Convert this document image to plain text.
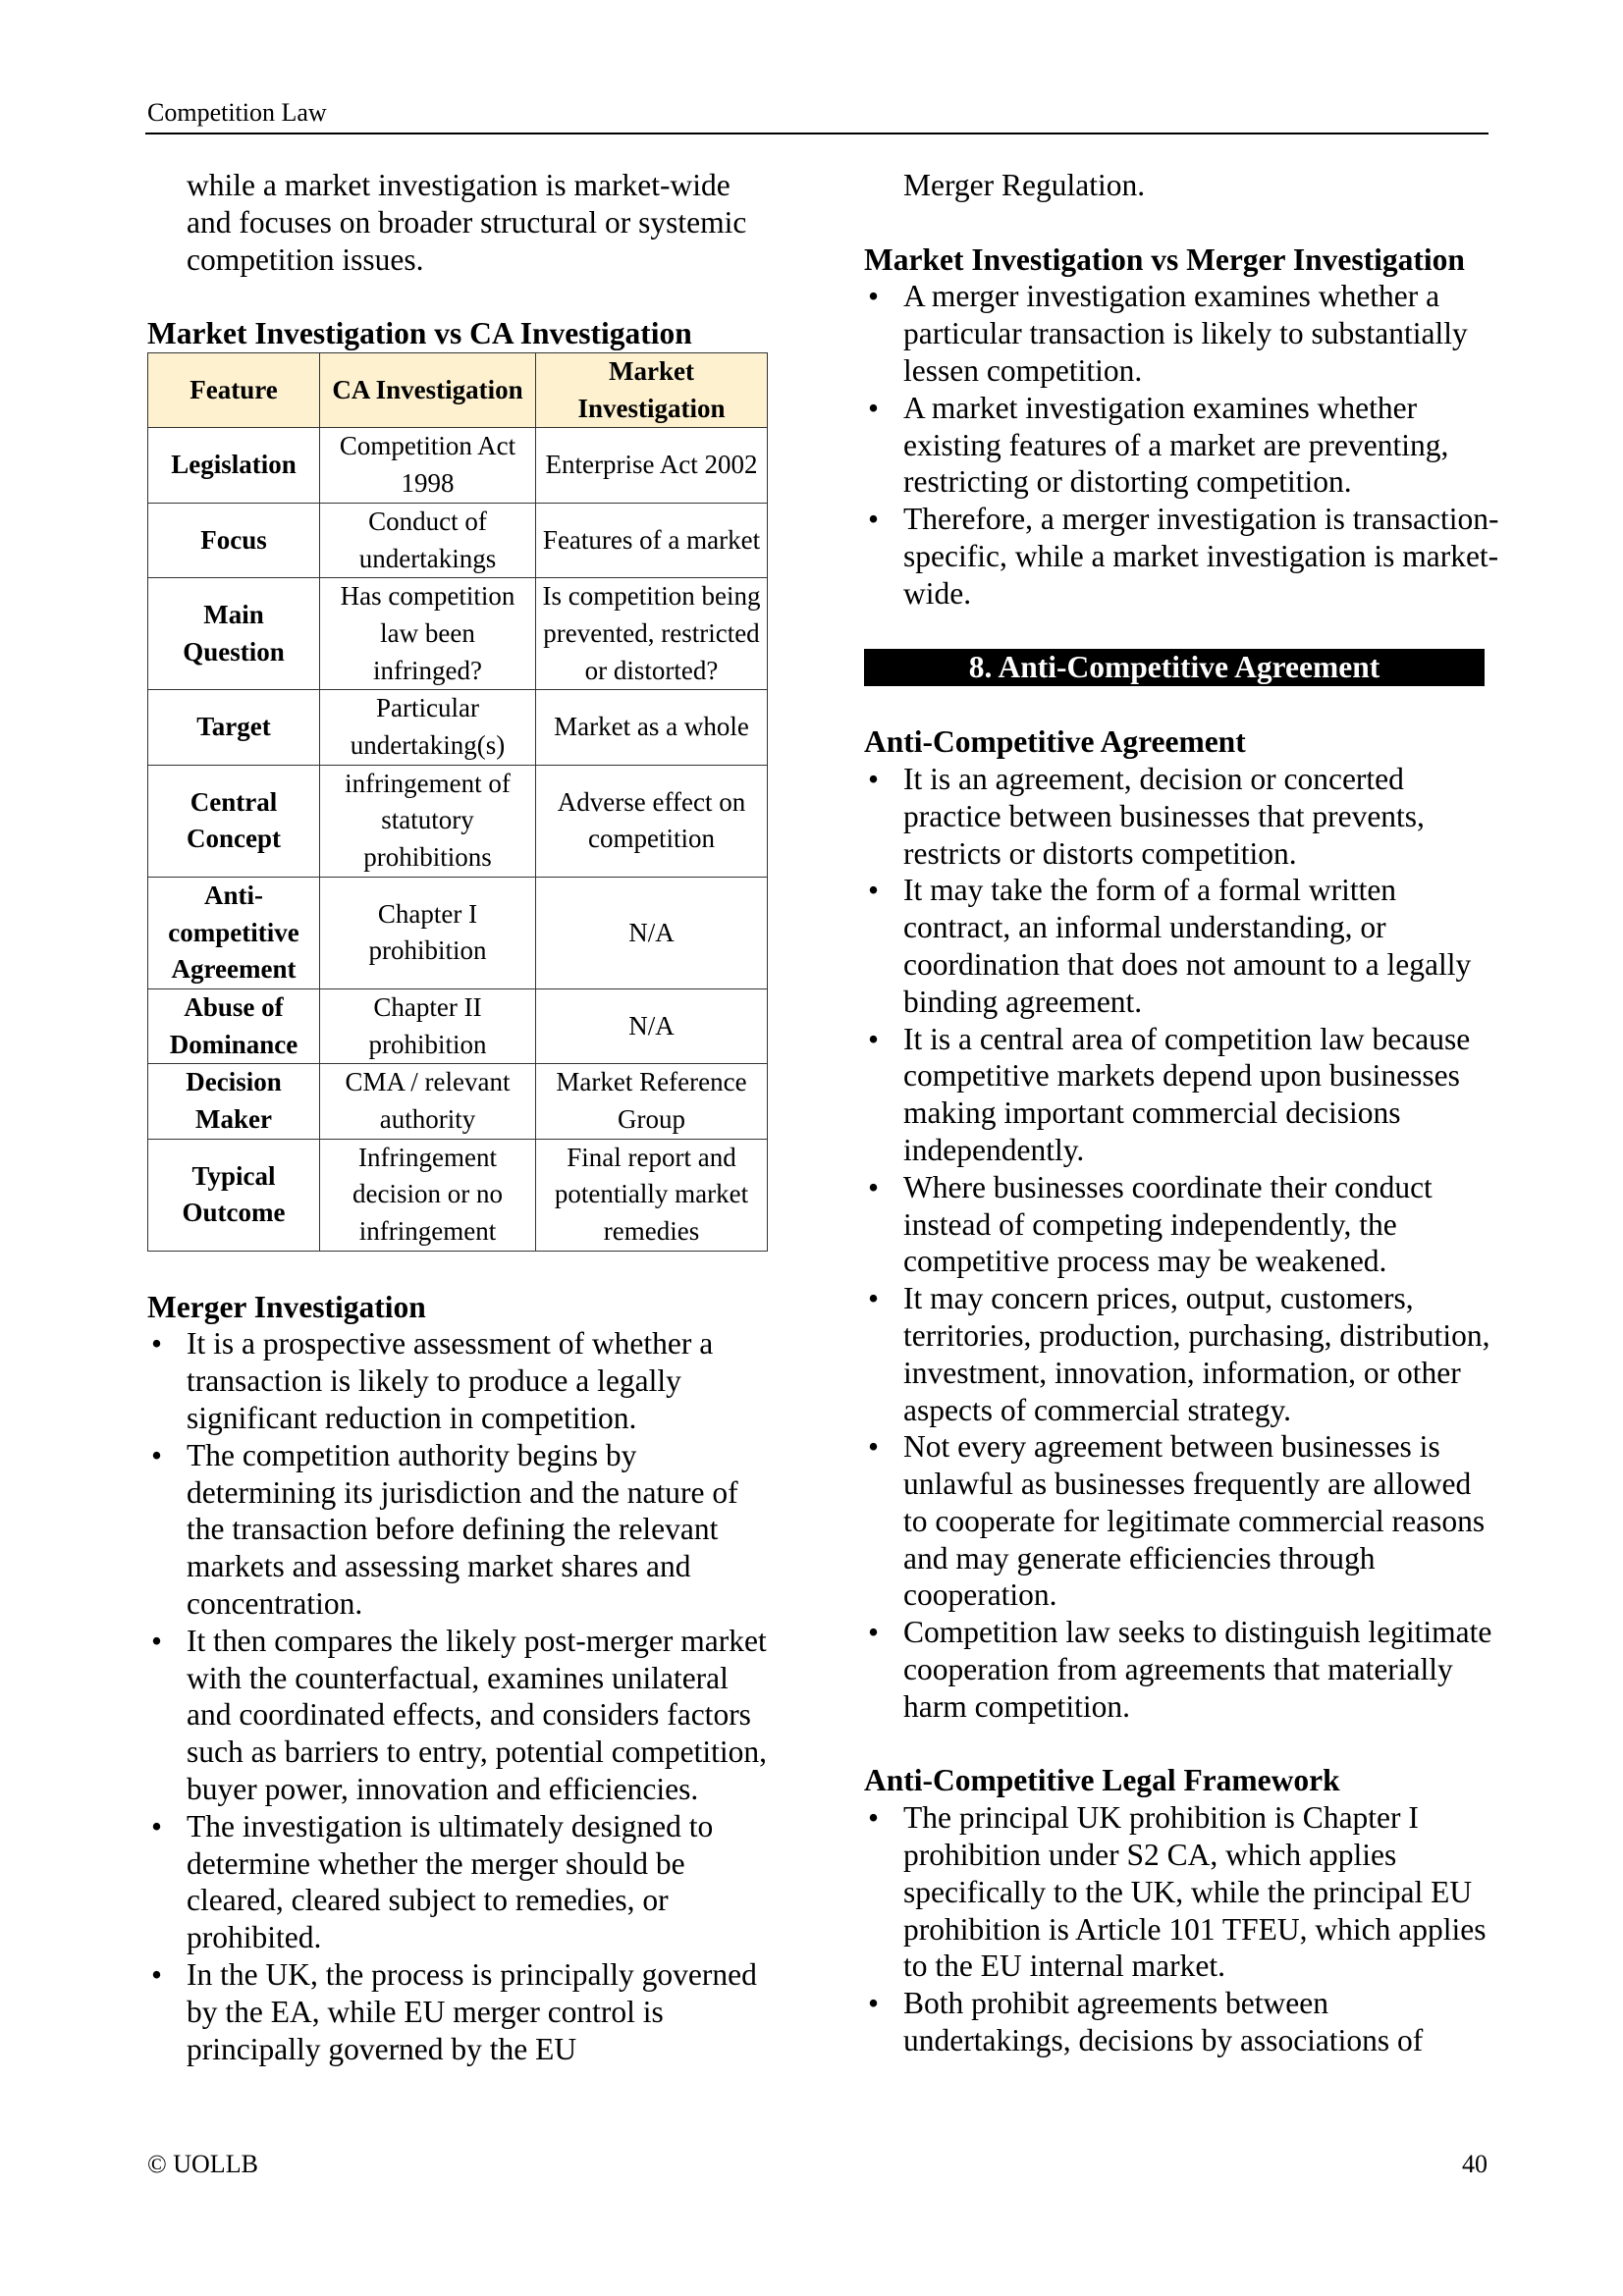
Competition Law

while a market investigation is market-wide and focuses on broader structural or systemic competition issues.

Market Investigation vs CA Investigation
Feature	CA Investigation	Market Investigation
Legislation	Competition Act 1998	Enterprise Act 2002
Focus	Conduct of undertakings	Features of a market
Main Question	Has competition law been infringed?	Is competition being prevented, restricted or distorted?
Target	Particular undertaking(s)	Market as a whole
Central Concept	infringement of statutory prohibitions	Adverse effect on competition
Anti-competitive Agreement	Chapter I prohibition	N/A
Abuse of Dominance	Chapter II prohibition	N/A
Decision Maker	CMA / relevant authority	Market Reference Group
Typical Outcome	Infringement decision or no infringement	Final report and potentially market remedies
Merger Investigation
• It is a prospective assessment of whether a transaction is likely to produce a legally significant reduction in competition.
• The competition authority begins by determining its jurisdiction and the nature of the transaction before defining the relevant markets and assessing market shares and concentration.
• It then compares the likely post-merger market with the counterfactual, examines unilateral and coordinated effects, and considers factors such as barriers to entry, potential competition, buyer power, innovation and efficiencies.
• The investigation is ultimately designed to determine whether the merger should be cleared, cleared subject to remedies, or prohibited.
• In the UK, the process is principally governed by the EA, while EU merger control is principally governed by the EU

Merger Regulation.

Market Investigation vs Merger Investigation
• A merger investigation examines whether a particular transaction is likely to substantially lessen competition.
• A market investigation examines whether existing features of a market are preventing, restricting or distorting competition.
• Therefore, a merger investigation is transaction-specific, while a market investigation is market-wide.
8. Anti-Competitive Agreement
Anti-Competitive Agreement
• It is an agreement, decision or concerted practice between businesses that prevents, restricts or distorts competition.
• It may take the form of a formal written contract, an informal understanding, or coordination that does not amount to a legally binding agreement.
• It is a central area of competition law because competitive markets depend upon businesses making important commercial decisions independently.
• Where businesses coordinate their conduct instead of competing independently, the competitive process may be weakened.
• It may concern prices, output, customers, territories, production, purchasing, distribution, investment, innovation, information, or other aspects of commercial strategy.
• Not every agreement between businesses is unlawful as businesses frequently are allowed to cooperate for legitimate commercial reasons and may generate efficiencies through cooperation.
• Competition law seeks to distinguish legitimate cooperation from agreements that materially harm competition.
Anti-Competitive Legal Framework
• The principal UK prohibition is Chapter I prohibition under S2 CA, which applies specifically to the UK, while the principal EU prohibition is Article 101 TFEU, which applies to the EU internal market.
• Both prohibit agreements between undertakings, decisions by associations of
© UOLLB	40
